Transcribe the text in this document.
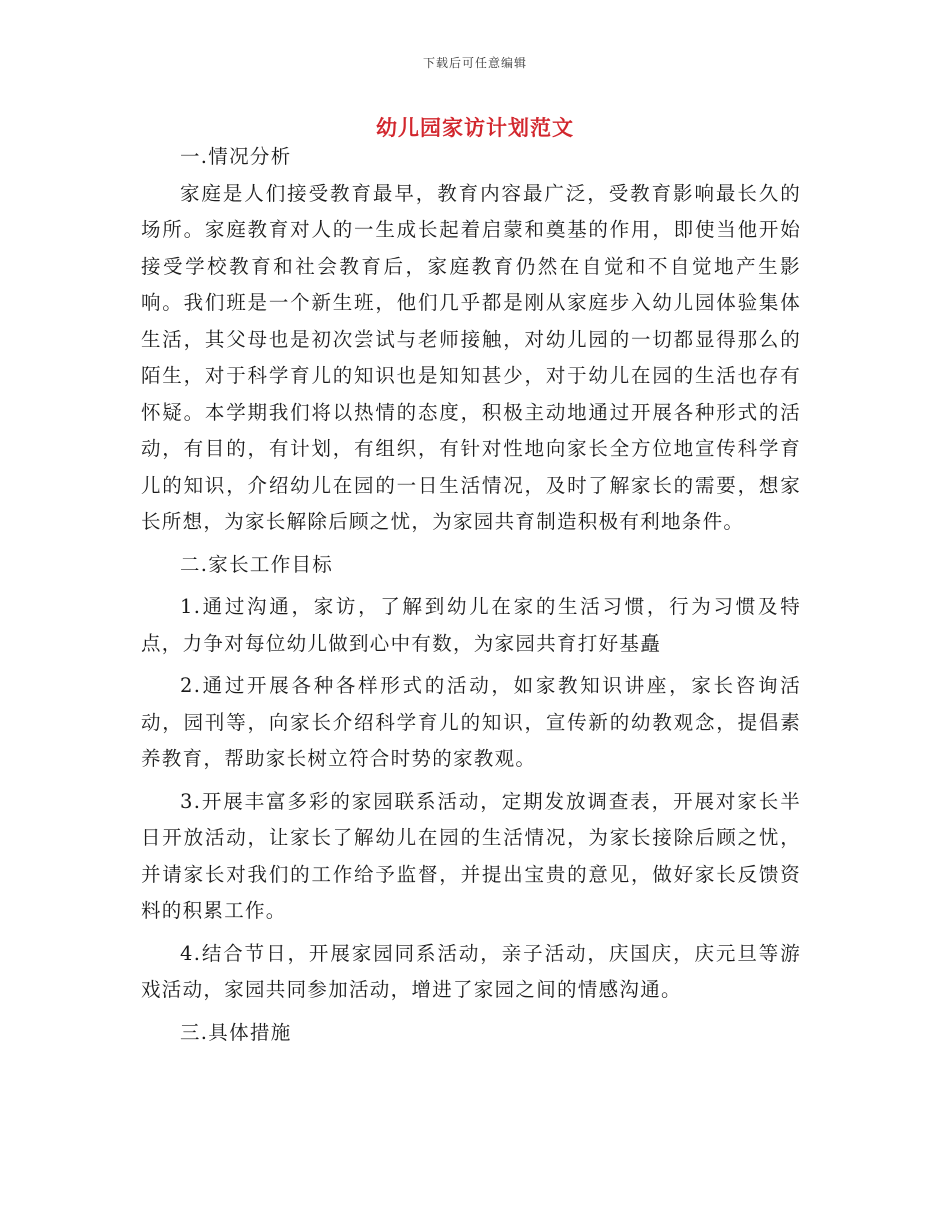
下载后可任意编辑
幼儿园家访计划范文

一.情况分析

家庭是人们接受教育最早，教育内容最广泛，受教育影响最长久的场所。家庭教育对人的一生成长起着启蒙和奠基的作用，即使当他开始接受学校教育和社会教育后，家庭教育仍然在自觉和不自觉地产生影响。我们班是一个新生班，他们几乎都是刚从家庭步入幼儿园体验集体生活，其父母也是初次尝试与老师接触，对幼儿园的一切都显得那么的陌生，对于科学育儿的知识也是知知甚少，对于幼儿在园的生活也存有怀疑。本学期我们将以热情的态度，积极主动地通过开展各种形式的活动，有目的，有计划，有组织，有针对性地向家长全方位地宣传科学育儿的知识，介绍幼儿在园的一日生活情况，及时了解家长的需要，想家长所想，为家长解除后顾之忧，为家园共育制造积极有利地条件。

二.家长工作目标

1.通过沟通，家访，了解到幼儿在家的生活习惯，行为习惯及特点，力争对每位幼儿做到心中有数，为家园共育打好基矗

2.通过开展各种各样形式的活动，如家教知识讲座，家长咨询活动，园刊等，向家长介绍科学育儿的知识，宣传新的幼教观念，提倡素养教育，帮助家长树立符合时势的家教观。

3.开展丰富多彩的家园联系活动，定期发放调查表，开展对家长半日开放活动，让家长了解幼儿在园的生活情况，为家长接除后顾之忧，并请家长对我们的工作给予监督，并提出宝贵的意见，做好家长反馈资料的积累工作。

4.结合节日，开展家园同系活动，亲子活动，庆国庆，庆元旦等游戏活动，家园共同参加活动，增进了家园之间的情感沟通。

三.具体措施
